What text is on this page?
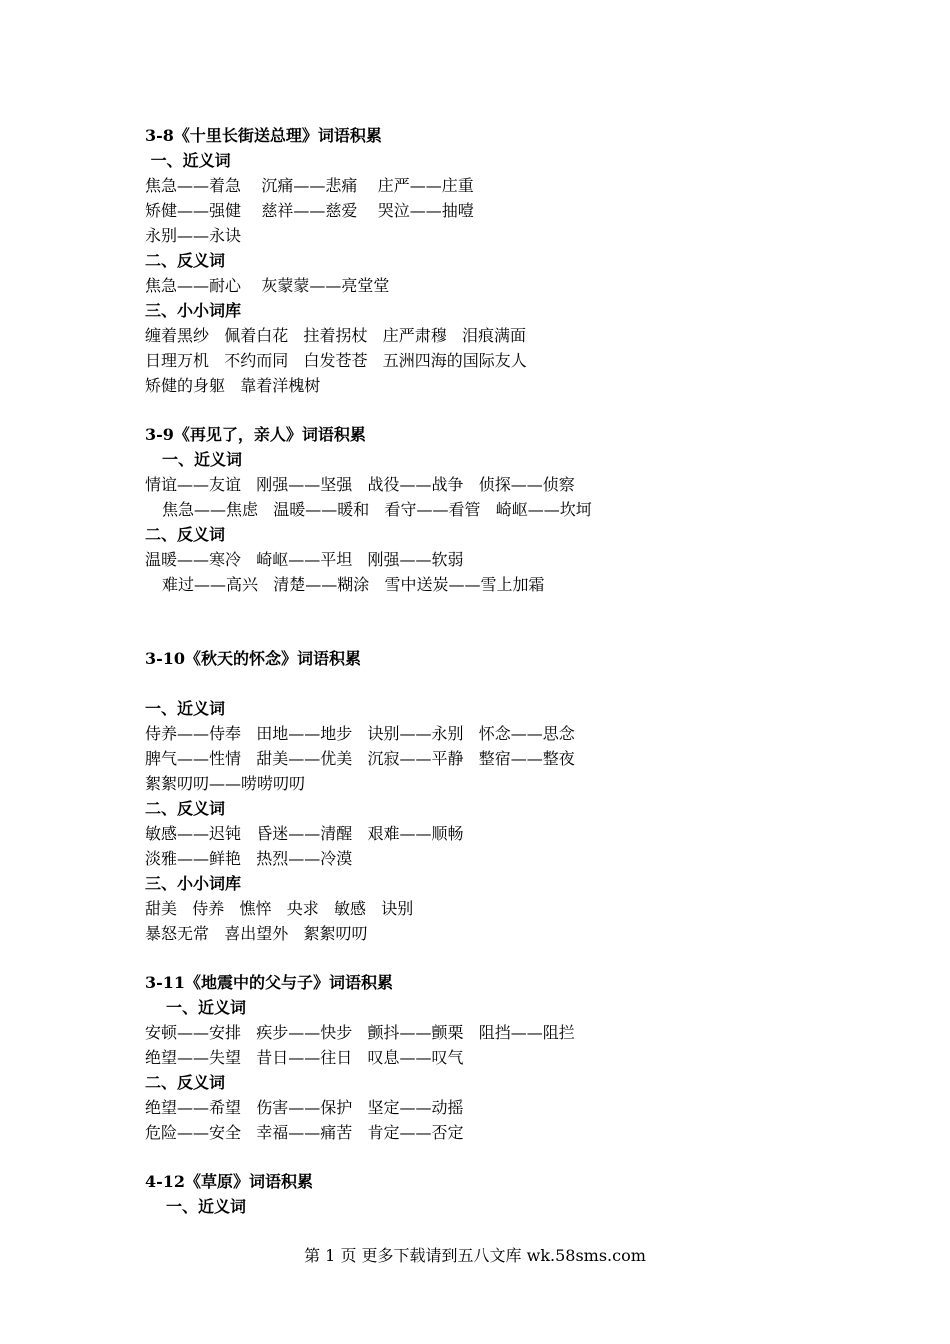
第 1 页 更多下载请到五八文库 wk.58sms.com
3-8《十里长街送总理》词语积累
一、近义词
焦急——着急    沉痛——悲痛    庄严——庄重
矫健——强健    慈祥——慈爱    哭泣——抽噎
永别——永诀
二、反义词
焦急——耐心    灰蒙蒙——亮堂堂
三、小小词库
缠着黑纱   佩着白花   拄着拐杖   庄严肃穆   泪痕满面
日理万机   不约而同   白发苍苍   五洲四海的国际友人
矫健的身躯   靠着洋槐树
3-9《再见了，亲人》词语积累
一、近义词
情谊——友谊   刚强——坚强   战役——战争   侦探——侦察
焦急——焦虑   温暖——暖和   看守——看管   崎岖——坎坷
二、反义词
温暖——寒冷   崎岖——平坦   刚强——软弱
难过——高兴   清楚——糊涂   雪中送炭——雪上加霜
3-10《秋天的怀念》词语积累
一、近义词
侍养——侍奉   田地——地步   诀别——永别   怀念——思念
脾气——性情   甜美——优美   沉寂——平静   整宿——整夜
絮絮叨叨——唠唠叨叨
二、反义词
敏感——迟钝   昏迷——清醒   艰难——顺畅
淡雅——鲜艳   热烈——冷漠
三、小小词库
甜美   侍养   憔悴   央求   敏感   诀别
暴怒无常   喜出望外   絮絮叨叨
3-11《地震中的父与子》词语积累
一、近义词
安顿——安排   疾步——快步   颤抖——颤栗   阻挡——阻拦
绝望——失望   昔日——往日   叹息——叹气
二、反义词
绝望——希望   伤害——保护   坚定——动摇
危险——安全   幸福——痛苦   肯定——否定
4-12《草原》词语积累
一、近义词
